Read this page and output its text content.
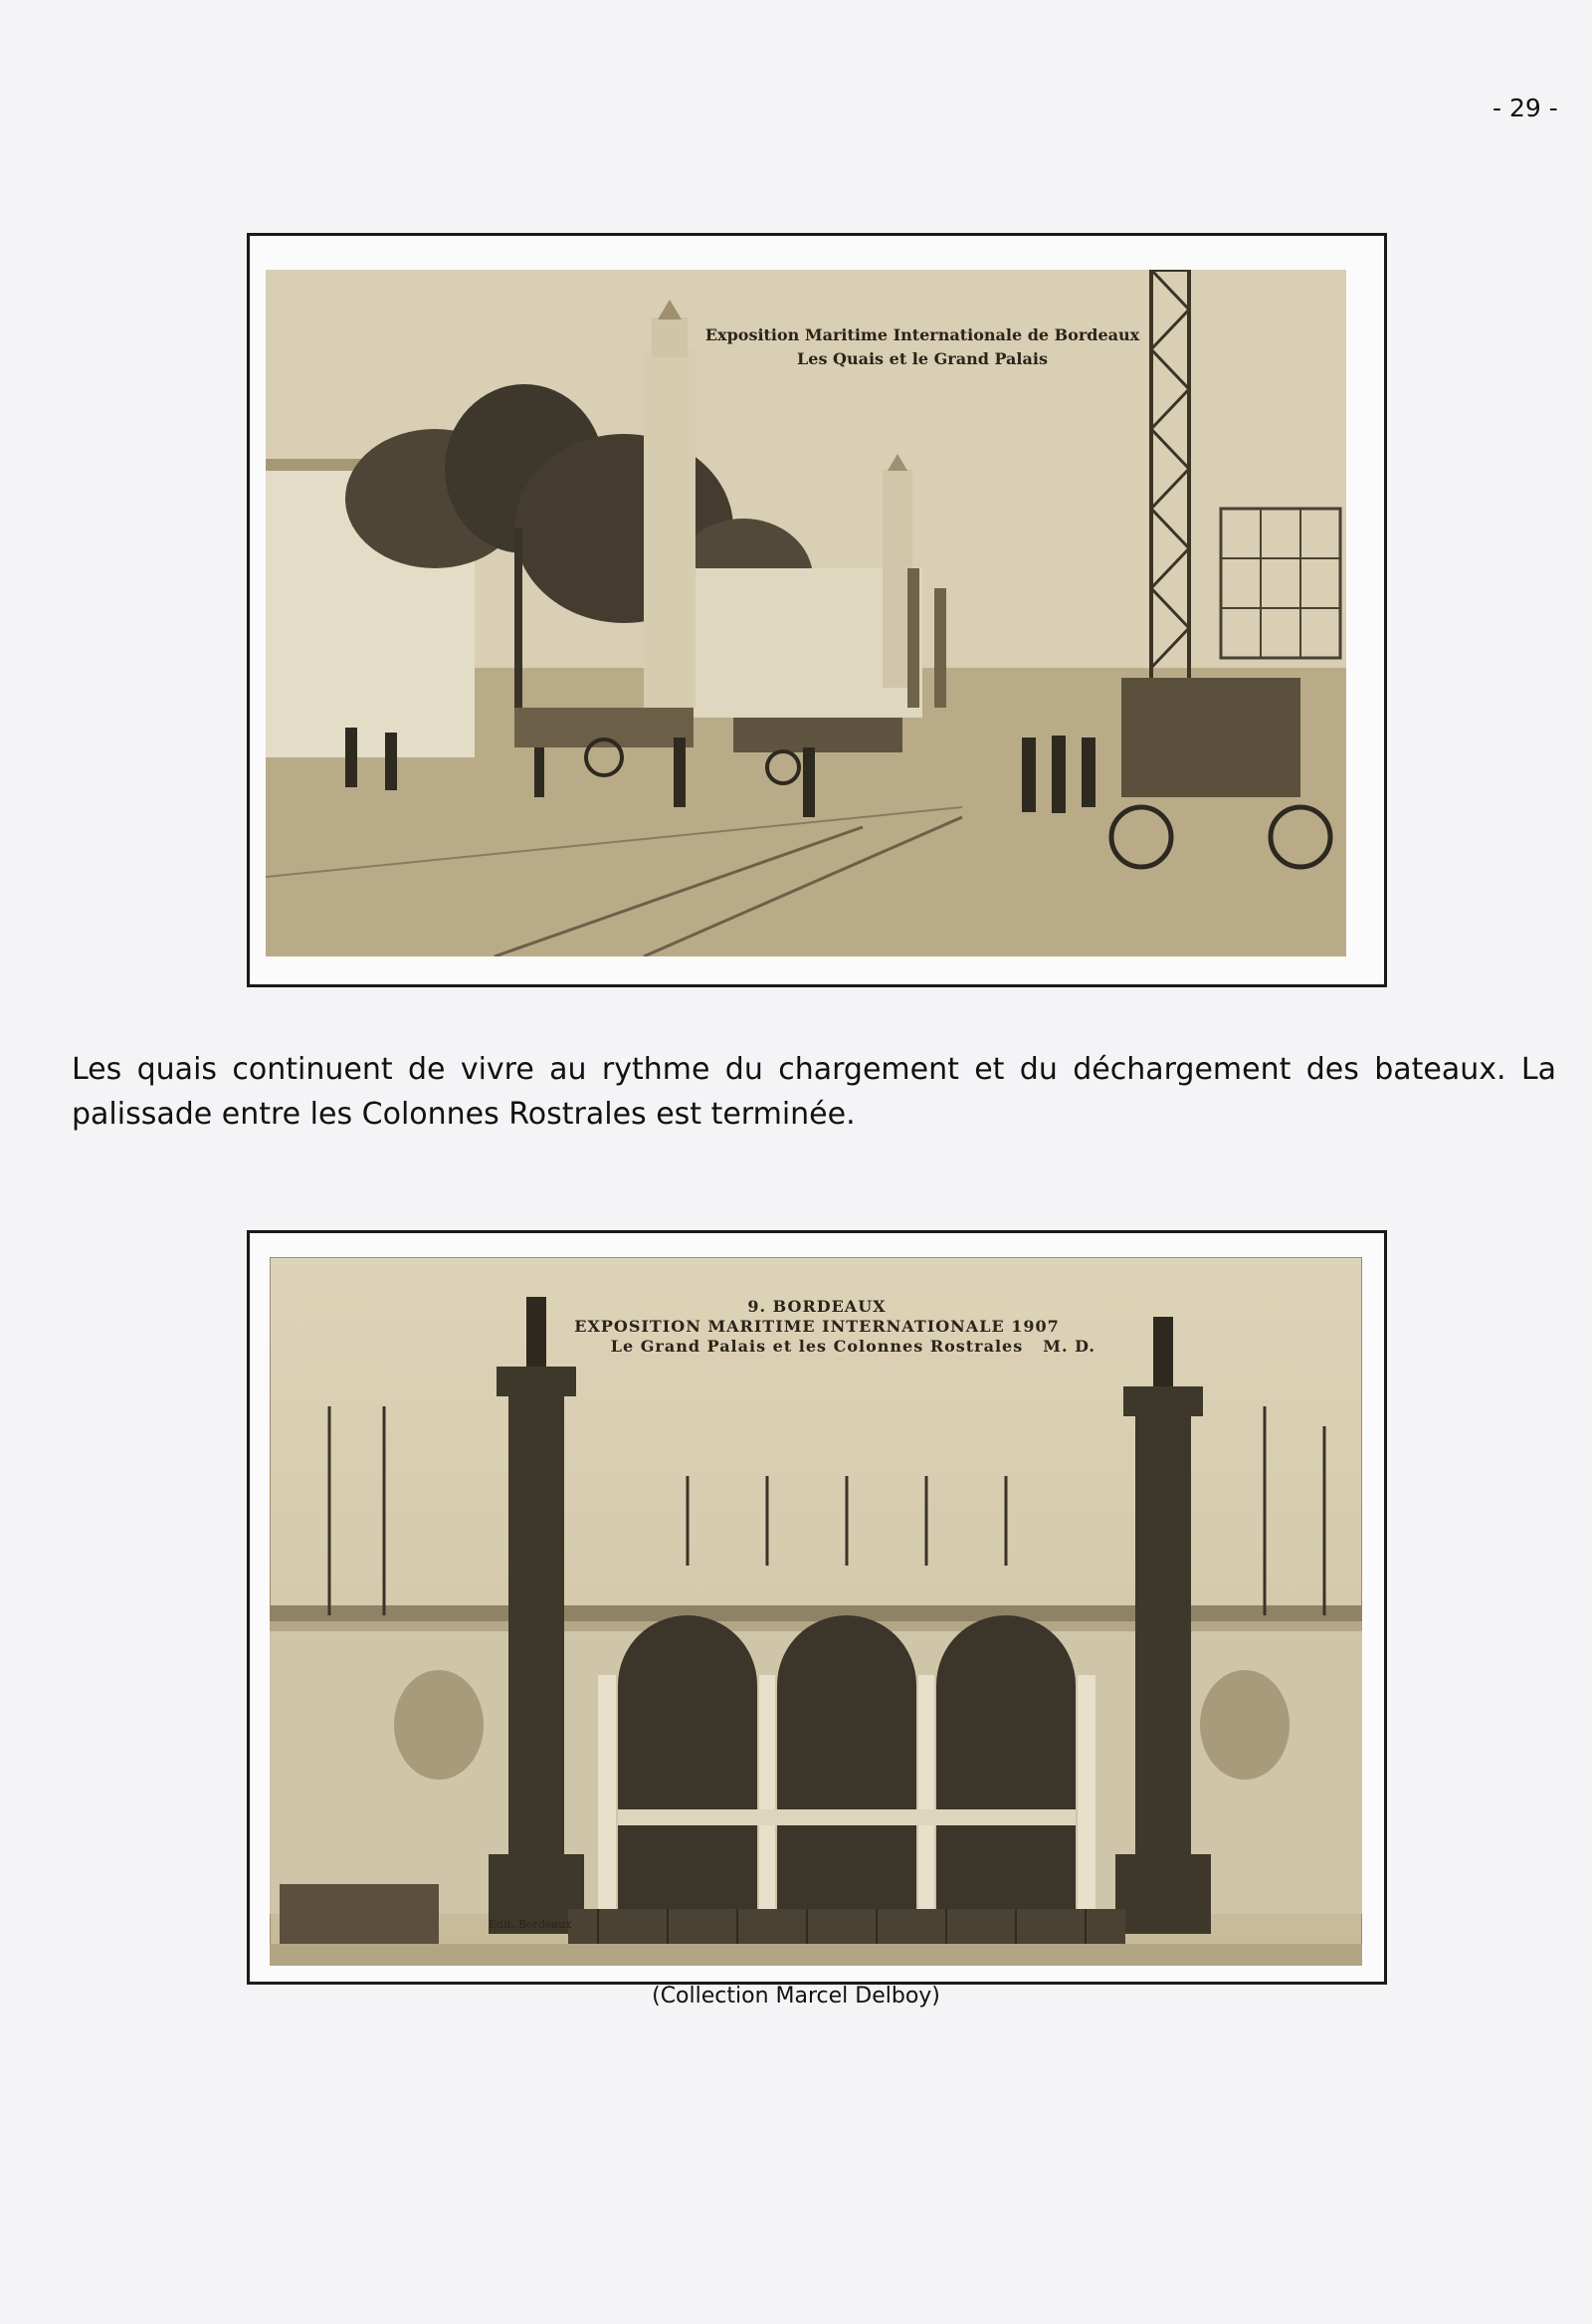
- 29 -
Exposition Maritime Internationale de Bordeaux
Les Quais et le Grand Palais

Les quais continuent de vivre au rythme du chargement et du déchargement des bateaux. La palissade entre les Colonnes Rostrales est terminée.

9. BORDEAUX
EXPOSITION MARITIME INTERNATIONALE 1907
Le Grand Palais et les Colonnes Rostrales	M. D.
Edit. Bordeaux
(Collection Marcel Delboy)
